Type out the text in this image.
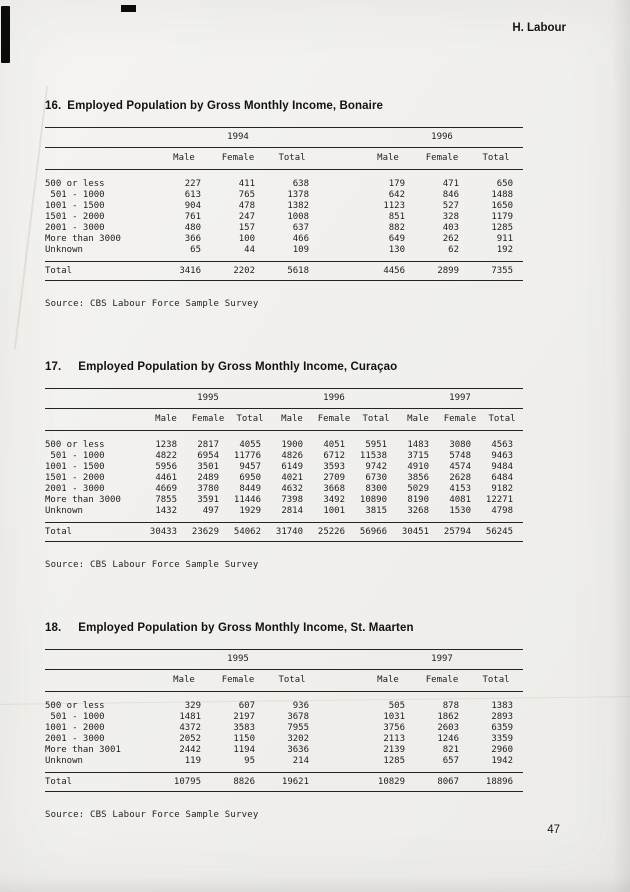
H. Labour
16. Employed Population by Gross Monthly Income, Bonaire
	1994				1996		
	Male	Female	Total		Male	Female	Total
500 or less	227	411	638		179	471	650
501 - 1000	613	765	1378		642	846	1488
1001 - 1500	904	478	1382		1123	527	1650
1501 - 2000	761	247	1008		851	328	1179
2001 - 3000	480	157	637		882	403	1285
More than 3000	366	100	466		649	262	911
Unknown	65	44	109		130	62	192
Total	3416	2202	5618		4456	2899	7355
Source: CBS Labour Force Sample Survey
17. Employed Population by Gross Monthly Income, Curaçao
	1995			1996			1997		
	Male	Female	Total	Male	Female	Total	Male	Female	Total
500 or less	1238	2817	4055	1900	4051	5951	1483	3080	4563
501 - 1000	4822	6954	11776	4826	6712	11538	3715	5748	9463
1001 - 1500	5956	3501	9457	6149	3593	9742	4910	4574	9484
1501 - 2000	4461	2489	6950	4021	2709	6730	3856	2628	6484
2001 - 3000	4669	3780	8449	4632	3668	8300	5029	4153	9182
More than 3000	7855	3591	11446	7398	3492	10890	8190	4081	12271
Unknown	1432	497	1929	2814	1001	3815	3268	1530	4798
Total	30433	23629	54062	31740	25226	56966	30451	25794	56245
Source: CBS Labour Force Sample Survey
18. Employed Population by Gross Monthly Income, St. Maarten
	1995				1997		
	Male	Female	Total		Male	Female	Total
500 or less	329	607	936		505	878	1383
501 - 1000	1481	2197	3678		1031	1862	2893
1001 - 2000	4372	3583	7955		3756	2603	6359
2001 - 3000	2052	1150	3202		2113	1246	3359
More than 3001	2442	1194	3636		2139	821	2960
Unknown	119	95	214		1285	657	1942
Total	10795	8826	19621		10829	8067	18896
Source: CBS Labour Force Sample Survey
47
